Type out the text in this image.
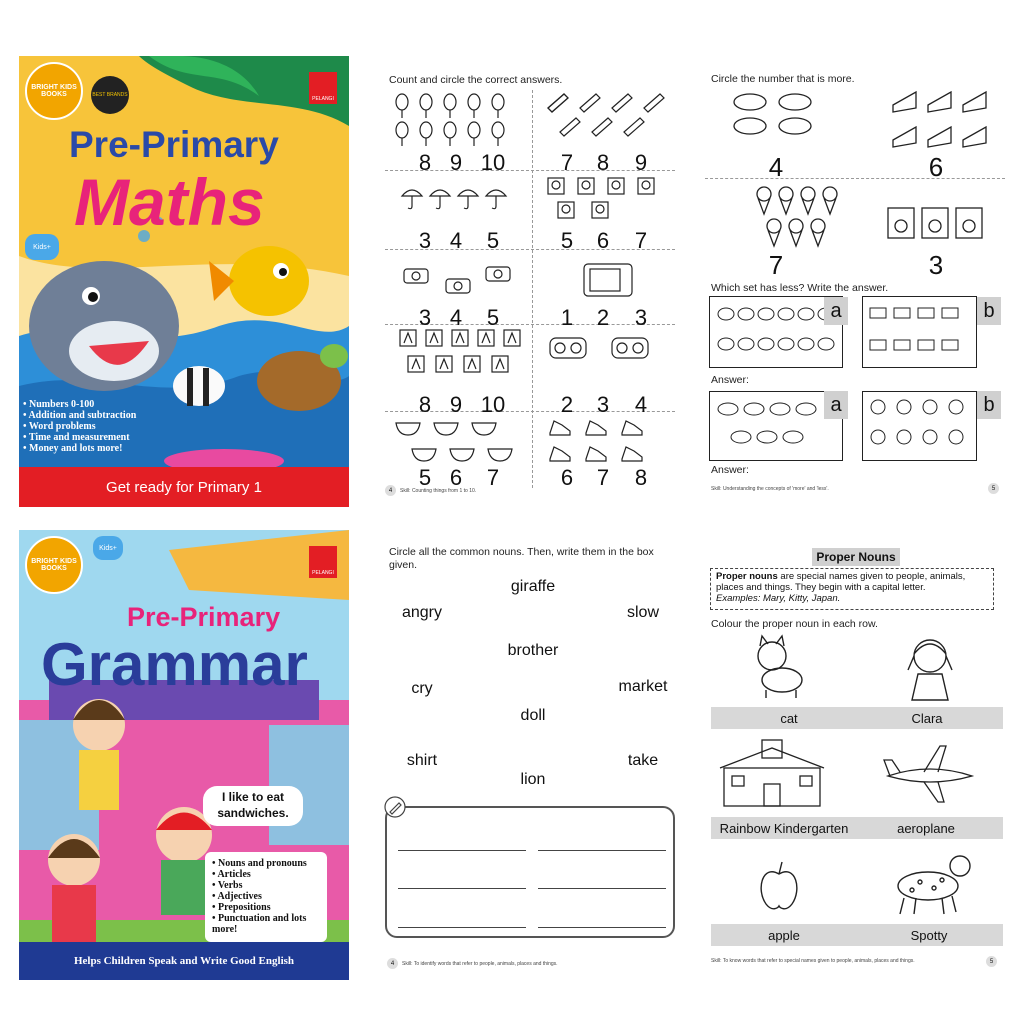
BRIGHT KIDS
BOOKS	BEST BRANDS
PELANGI
Pre-Primary
Maths
Kids+
• Numbers 0-100
• Addition and subtraction
• Word problems
• Time and measurement
• Money and lots more!
Get ready for Primary 1
Count and circle the correct answers.
8 9 10	7 8 9
3 4 5	5 6 7
3 4 5	1 2 3
8 9 10	2 3 4
5 6 7	6 7 8
4	Skill: Counting things from 1 to 10.
Circle the number that is more.
4	6
7	3
Which set has less? Write the answer.
a	b
Answer:
a	b
Answer:
Skill: Understanding the concepts of 'more' and 'less'.	5
BRIGHT KIDS
BOOKS
Kids+
PELANGI
Pre-Primary
Grammar
I like to eat sandwiches.
• Nouns and pronouns
• Articles
• Verbs
• Adjectives
• Prepositions
• Punctuation and lots more!
Helps Children Speak and Write Good English
Circle all the common nouns. Then, write them in the box given.
giraffe
angry	slow
brother
cry	market
doll
shirt	take
lion
4	Skill: To identify words that refer to people, animals, places and things.
Proper Nouns
Proper nouns are special names given to people, animals, places and things. They begin with a capital letter.
Examples: Mary, Kitty, Japan.
Colour the proper noun in each row.
cat	Clara
Rainbow Kindergarten	aeroplane
apple	Spotty
Skill: To know words that refer to special names given to people, animals, places and things.	5
